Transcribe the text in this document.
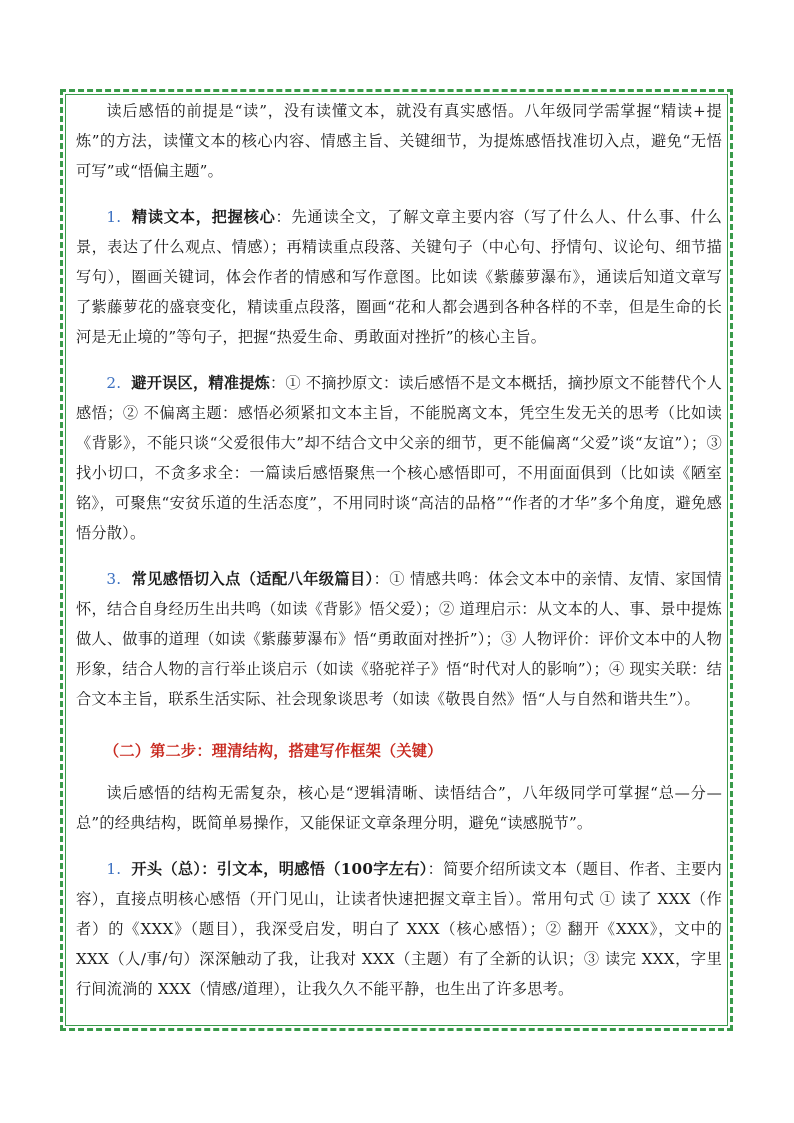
读后感悟的前提是“读”，没有读懂文本，就没有真实感悟。八年级同学需掌握“精读+提炼”的方法，读懂文本的核心内容、情感主旨、关键细节，为提炼感悟找准切入点，避免“无悟可写”或“悟偏主题”。

1. 精读文本，把握核心：先通读全文，了解文章主要内容（写了什么人、什么事、什么景，表达了什么观点、情感）；再精读重点段落、关键句子（中心句、抒情句、议论句、细节描写句），圈画关键词，体会作者的情感和写作意图。比如读《紫藤萝瀑布》，通读后知道文章写了紫藤萝花的盛衰变化，精读重点段落，圈画“花和人都会遇到各种各样的不幸，但是生命的长河是无止境的”等句子，把握“热爱生命、勇敢面对挫折”的核心主旨。

2. 避开误区，精准提炼：① 不摘抄原文：读后感悟不是文本概括，摘抄原文不能替代个人感悟；② 不偏离主题：感悟必须紧扣文本主旨，不能脱离文本，凭空生发无关的思考（比如读《背影》，不能只谈“父爱很伟大”却不结合文中父亲的细节，更不能偏离“父爱”谈“友谊”）；③ 找小切口，不贪多求全：一篇读后感悟聚焦一个核心感悟即可，不用面面俱到（比如读《陋室铭》，可聚焦“安贫乐道的生活态度”，不用同时谈“高洁的品格”“作者的才华”多个角度，避免感悟分散）。

3. 常见感悟切入点（适配八年级篇目）：① 情感共鸣：体会文本中的亲情、友情、家国情怀，结合自身经历生出共鸣（如读《背影》悟父爱）；② 道理启示：从文本的人、事、景中提炼做人、做事的道理（如读《紫藤萝瀑布》悟“勇敢面对挫折”）；③ 人物评价：评价文本中的人物形象，结合人物的言行举止谈启示（如读《骆驼祥子》悟“时代对人的影响”）；④ 现实关联：结合文本主旨，联系生活实际、社会现象谈思考（如读《敬畏自然》悟“人与自然和谐共生”）。

（二）第二步：理清结构，搭建写作框架（关键）

读后感悟的结构无需复杂，核心是“逻辑清晰、读悟结合”，八年级同学可掌握“总—分—总”的经典结构，既简单易操作，又能保证文章条理分明，避免“读感脱节”。

1. 开头（总）：引文本，明感悟（100字左右）：简要介绍所读文本（题目、作者、主要内容），直接点明核心感悟（开门见山，让读者快速把握文章主旨）。常用句式 ① 读了 XXX（作者）的《XXX》（题目），我深受启发，明白了 XXX（核心感悟）；② 翻开《XXX》，文中的 XXX（人/事/句）深深触动了我，让我对 XXX（主题）有了全新的认识；③ 读完 XXX，字里行间流淌的 XXX（情感/道理），让我久久不能平静，也生出了许多思考。
